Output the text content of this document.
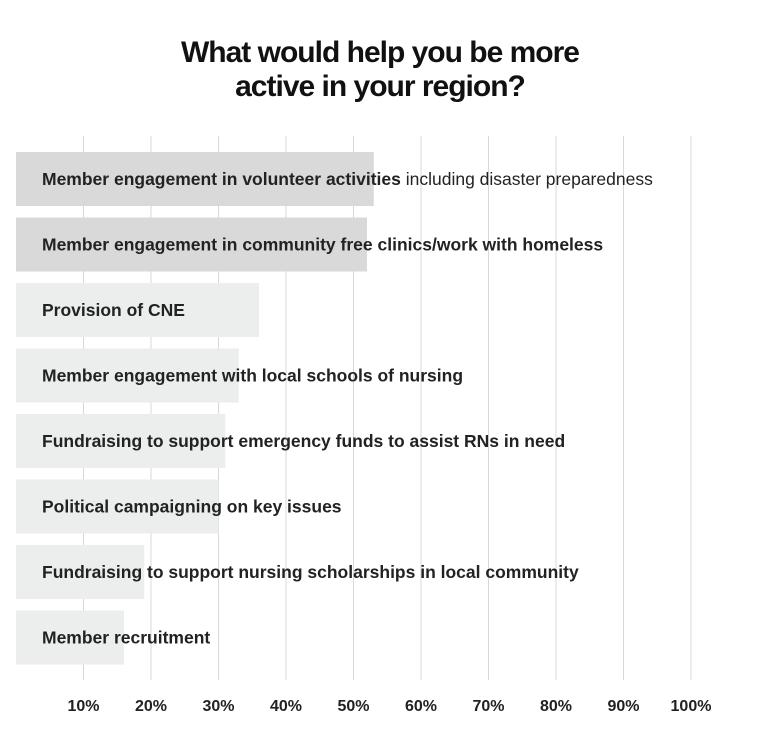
What would help you be more
active in your region?
Member engagement in volunteer activities including disaster preparedness
Member engagement in community free clinics/work with homeless
Provision of CNE
Member engagement with local schools of nursing
Fundraising to support emergency funds to assist RNs in need
Political campaigning on key issues
Fundraising to support nursing scholarships in local community
Member recruitment
10% 20% 30% 40% 50% 60% 70% 80% 90% 100%
